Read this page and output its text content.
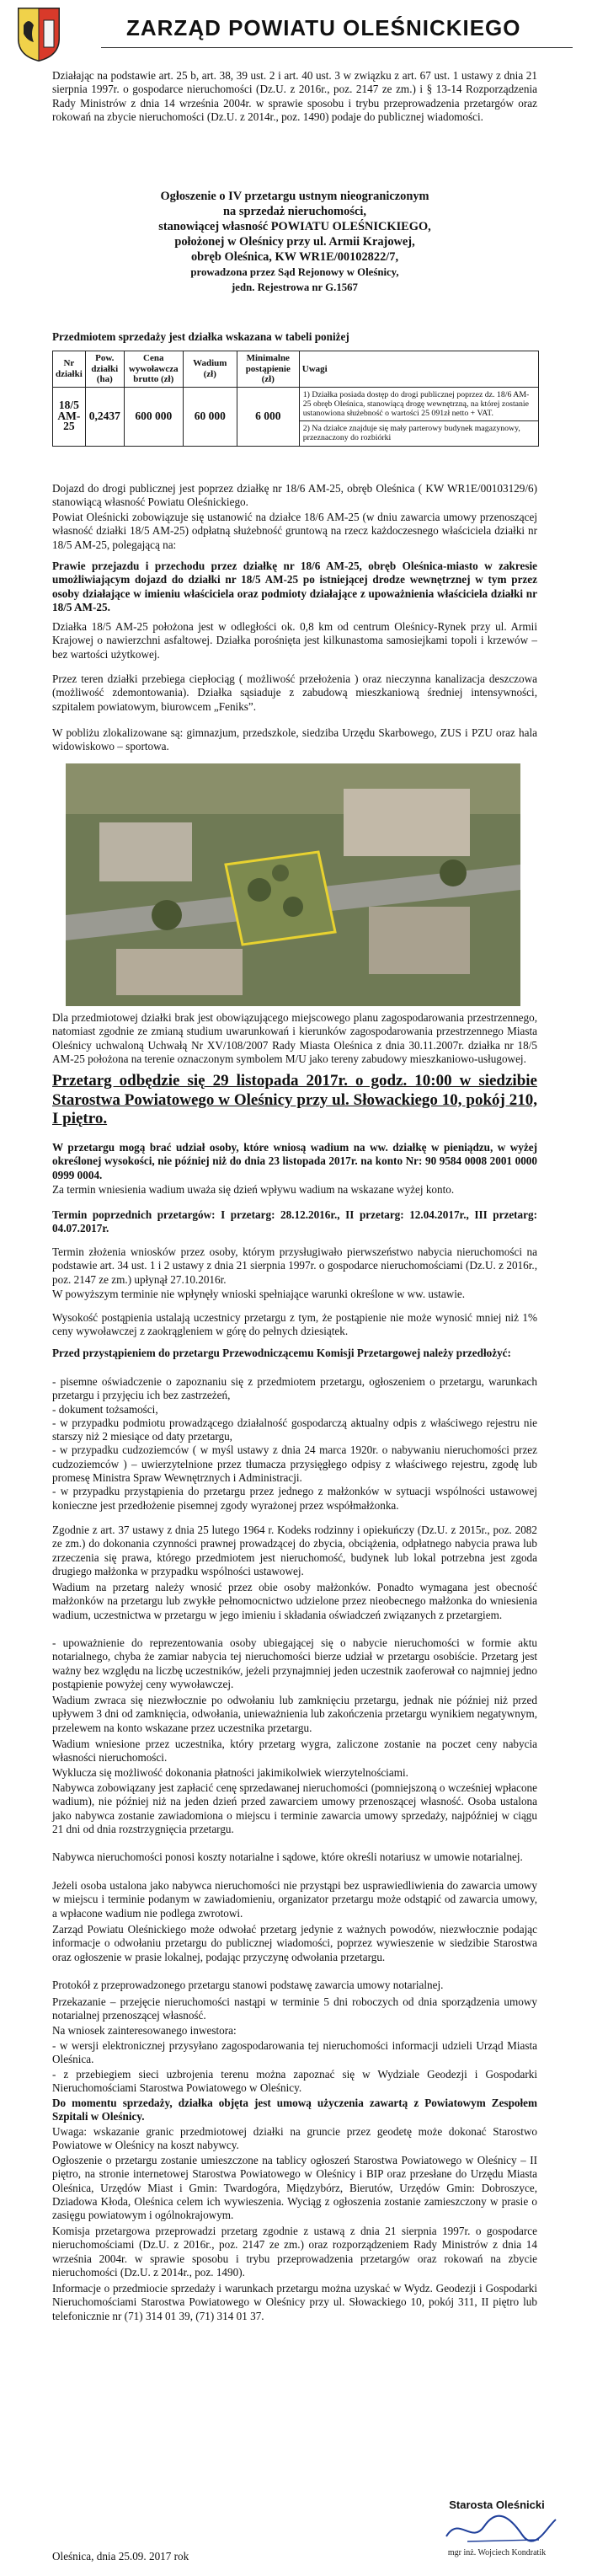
ZARZĄD POWIATU OLEŚNICKIEGO
Działając na podstawie art. 25 b, art. 38, 39 ust. 2 i art. 40 ust. 3 w związku z art. 67 ust. 1 ustawy z dnia 21 sierpnia 1997r. o gospodarce nieruchomości (Dz.U. z 2016r., poz. 2147 ze zm.) i § 13-14 Rozporządzenia Rady Ministrów z dnia 14 września 2004r. w sprawie sposobu i trybu przeprowadzenia przetargów oraz rokowań na zbycie nieruchomości (Dz.U. z 2014r., poz. 1490) podaje do publicznej wiadomości.
Ogłoszenie o IV przetargu ustnym nieograniczonym
na sprzedaż nieruchomości,
stanowiącej własność POWIATU OLEŚNICKIEGO,
położonej w Oleśnicy przy ul. Armii Krajowej,
obręb Oleśnica, KW WR1E/00102822/7,
prowadzona przez Sąd Rejonowy w Oleśnicy,
jedn. Rejestrowa nr G.1567
Przedmiotem sprzedaży jest działka wskazana w tabeli poniżej
Nr działki	Pow. działki (ha)	Cena wywoławcza brutto (zł)	Wadium (zł)	Minimalne postąpienie (zł)	Uwagi
18/5 AM-25	0,2437	600 000	60 000	6 000	1) Działka posiada dostęp do drogi publicznej poprzez dz. 18/6 AM-25 obręb Oleśnica, stanowiącą drogę wewnętrzną, na której zostanie ustanowiona służebność o wartości 25 091zł netto + VAT.
2) Na działce znajduje się mały parterowy budynek magazynowy, przeznaczony do rozbiórki
Dojazd do drogi publicznej jest poprzez działkę nr 18/6 AM-25, obręb Oleśnica ( KW WR1E/00103129/6) stanowiącą własność Powiatu Oleśnickiego.
Powiat Oleśnicki zobowiązuje się ustanowić na działce 18/6 AM-25 (w dniu zawarcia umowy przenoszącej własność działki 18/5 AM-25) odpłatną służebność gruntową na rzecz każdoczesnego właściciela działki nr 18/5 AM-25, polegającą na:
Prawie przejazdu i przechodu przez działkę nr 18/6 AM-25, obręb Oleśnica-miasto w zakresie umożliwiającym dojazd do działki nr 18/5 AM-25 po istniejącej drodze wewnętrznej w tym przez osoby działające w imieniu właściciela oraz podmioty działające z upoważnienia właściciela działki nr 18/5 AM-25.
Działka 18/5 AM-25 położona jest w odległości ok. 0,8 km od centrum Oleśnicy-Rynek przy ul. Armii Krajowej o nawierzchni asfaltowej. Działka porośnięta jest kilkunastoma samosiejkami topoli i krzewów – bez wartości użytkowej.
Przez teren działki przebiega ciepłociąg ( możliwość przełożenia ) oraz nieczynna kanalizacja deszczowa (możliwość zdemontowania). Działka sąsiaduje z zabudową mieszkaniową średniej intensywności, szpitalem powiatowym, biurowcem „Feniks”.
W pobliżu zlokalizowane są: gimnazjum, przedszkole, siedziba Urzędu Skarbowego, ZUS i PZU oraz hala widowiskowo – sportowa.
Dla przedmiotowej działki brak jest obowiązującego miejscowego planu zagospodarowania przestrzennego, natomiast zgodnie ze zmianą studium uwarunkowań i kierunków zagospodarowania przestrzennego Miasta Oleśnicy uchwaloną Uchwałą Nr XV/108/2007 Rady Miasta Oleśnica z dnia 30.11.2007r. działka nr 18/5 AM-25 położona na terenie oznaczonym symbolem M/U jako tereny zabudowy mieszkaniowo-usługowej.
Przetarg odbędzie się 29 listopada 2017r. o godz. 10:00 w siedzibie Starostwa Powiatowego w Oleśnicy przy ul. Słowackiego 10, pokój 210, I piętro.
W przetargu mogą brać udział osoby, które wniosą wadium na ww. działkę w pieniądzu, w wyżej określonej wysokości, nie później niż do dnia 23 listopada 2017r. na konto Nr: 90 9584 0008 2001 0000 0999 0004.
Za termin wniesienia wadium uważa się dzień wpływu wadium na wskazane wyżej konto.
Termin poprzednich przetargów: I przetarg: 28.12.2016r., II przetarg: 12.04.2017r., III przetarg: 04.07.2017r.
Termin złożenia wniosków przez osoby, którym przysługiwało pierwszeństwo nabycia nieruchomości na podstawie art. 34 ust. 1 i 2 ustawy z dnia 21 sierpnia 1997r. o gospodarce nieruchomościami (Dz.U. z 2016r., poz. 2147 ze zm.) upłynął 27.10.2016r.
W powyższym terminie nie wpłynęły wnioski spełniające warunki określone w ww. ustawie.
Wysokość postąpienia ustalają uczestnicy przetargu z tym, że postąpienie nie może wynosić mniej niż 1% ceny wywoławczej z zaokrągleniem w górę do pełnych dziesiątek.
Przed przystąpieniem do przetargu Przewodniczącemu Komisji Przetargowej należy przedłożyć:

- pisemne oświadczenie o zapoznaniu się z przedmiotem przetargu, ogłoszeniem o przetargu, warunkach przetargu i przyjęciu ich bez zastrzeżeń,

- dokument tożsamości,

- w przypadku podmiotu prowadzącego działalność gospodarczą aktualny odpis z właściwego rejestru nie starszy niż 2 miesiące od daty przetargu,

- w przypadku cudzoziemców ( w myśl ustawy z dnia 24 marca 1920r. o nabywaniu nieruchomości przez cudzoziemców ) – uwierzytelnione przez tłumacza przysięgłego odpisy z właściwego rejestru, zgodę lub promesę Ministra Spraw Wewnętrznych i Administracji.

- w przypadku przystąpienia do przetargu przez jednego z małżonków w sytuacji wspólności ustawowej konieczne jest przedłożenie pisemnej zgody wyrażonej przez współmałżonka.

Zgodnie z art. 37 ustawy z dnia 25 lutego 1964 r. Kodeks rodzinny i opiekuńczy (Dz.U. z 2015r., poz. 2082 ze zm.) do dokonania czynności prawnej prowadzącej do zbycia, obciążenia, odpłatnego nabycia prawa lub zrzeczenia się prawa, którego przedmiotem jest nieruchomość, budynek lub lokal potrzebna jest zgoda drugiego małżonka w przypadku wspólności ustawowej.
Wadium na przetarg należy wnosić przez obie osoby małżonków. Ponadto wymagana jest obecność małżonków na przetargu lub zwykłe pełnomocnictwo udzielone przez nieobecnego małżonka do wniesienia wadium, uczestnictwa w przetargu w jego imieniu i składania oświadczeń związanych z przetargiem.
- upoważnienie do reprezentowania osoby ubiegającej się o nabycie nieruchomości w formie aktu notarialnego, chyba że zamiar nabycia tej nieruchomości bierze udział w przetargu osobiście. Przetarg jest ważny bez względu na liczbę uczestników, jeżeli przynajmniej jeden uczestnik zaoferował co najmniej jedno postąpienie powyżej ceny wywoławczej.
Wadium zwraca się niezwłocznie po odwołaniu lub zamknięciu przetargu, jednak nie później niż przed upływem 3 dni od zamknięcia, odwołania, unieważnienia lub zakończenia przetargu wynikiem negatywnym, przelewem na konto wskazane przez uczestnika przetargu.
Wadium wniesione przez uczestnika, który przetarg wygra, zaliczone zostanie na poczet ceny nabycia własności nieruchomości.
Wyklucza się możliwość dokonania płatności jakimikolwiek wierzytelnościami.
Nabywca zobowiązany jest zapłacić cenę sprzedawanej nieruchomości (pomniejszoną o wcześniej wpłacone wadium), nie później niż na jeden dzień przed zawarciem umowy przenoszącej własność. Osoba ustalona jako nabywca zostanie zawiadomiona o miejscu i terminie zawarcia umowy sprzedaży, najpóźniej w ciągu 21 dni od dnia rozstrzygnięcia przetargu.
Nabywca nieruchomości ponosi koszty notarialne i sądowe, które określi notariusz w umowie notarialnej.
Jeżeli osoba ustalona jako nabywca nieruchomości nie przystąpi bez usprawiedliwienia do zawarcia umowy w miejscu i terminie podanym w zawiadomieniu, organizator przetargu może odstąpić od zawarcia umowy, a wpłacone wadium nie podlega zwrotowi.
Zarząd Powiatu Oleśnickiego może odwołać przetarg jedynie z ważnych powodów, niezwłocznie podając informacje o odwołaniu przetargu do publicznej wiadomości, poprzez wywieszenie w siedzibie Starostwa oraz ogłoszenie w prasie lokalnej, podając przyczynę odwołania przetargu.
Protokół z przeprowadzonego przetargu stanowi podstawę zawarcia umowy notarialnej.
Przekazanie – przejęcie nieruchomości nastąpi w terminie 5 dni roboczych od dnia sporządzenia umowy notarialnej przenoszącej własność.
Na wniosek zainteresowanego inwestora:
- w wersji elektronicznej przysyłano zagospodarowania tej nieruchomości informacji udzieli Urząd Miasta Oleśnica.
- z przebiegiem sieci uzbrojenia terenu można zapoznać się w Wydziale Geodezji i Gospodarki Nieruchomościami Starostwa Powiatowego w Oleśnicy.
Do momentu sprzedaży, działka objęta jest umową użyczenia zawartą z Powiatowym Zespołem Szpitali w Oleśnicy.
Uwaga: wskazanie granic przedmiotowej działki na gruncie przez geodetę może dokonać Starostwo Powiatowe w Oleśnicy na koszt nabywcy.
Ogłoszenie o przetargu zostanie umieszczone na tablicy ogłoszeń Starostwa Powiatowego w Oleśnicy – II piętro, na stronie internetowej Starostwa Powiatowego w Oleśnicy i BIP oraz przesłane do Urzędu Miasta Oleśnica, Urzędów Miast i Gmin: Twardogóra, Międzybórz, Bierutów, Urzędów Gmin: Dobroszyce, Dziadowa Kłoda, Oleśnica celem ich wywieszenia. Wyciąg z ogłoszenia zostanie zamieszczony w prasie o zasięgu powiatowym i ogólnokrajowym.
Komisja przetargowa przeprowadzi przetarg zgodnie z ustawą z dnia 21 sierpnia 1997r. o gospodarce nieruchomościami (Dz.U. z 2016r., poz. 2147 ze zm.) oraz rozporządzeniem Rady Ministrów z dnia 14 września 2004r. w sprawie sposobu i trybu przeprowadzenia przetargów oraz rokowań na zbycie nieruchomości (Dz.U. z 2014r., poz. 1490).
Informacje o przedmiocie sprzedaży i warunkach przetargu można uzyskać w Wydz. Geodezji i Gospodarki Nieruchomościami Starostwa Powiatowego w Oleśnicy przy ul. Słowackiego 10, pokój 311, II piętro lub telefonicznie nr (71) 314 01 39, (71) 314 01 37.
Starosta Oleśnicki
mgr inż. Wojciech Kondratik
Oleśnica, dnia 25.09. 2017 rok
